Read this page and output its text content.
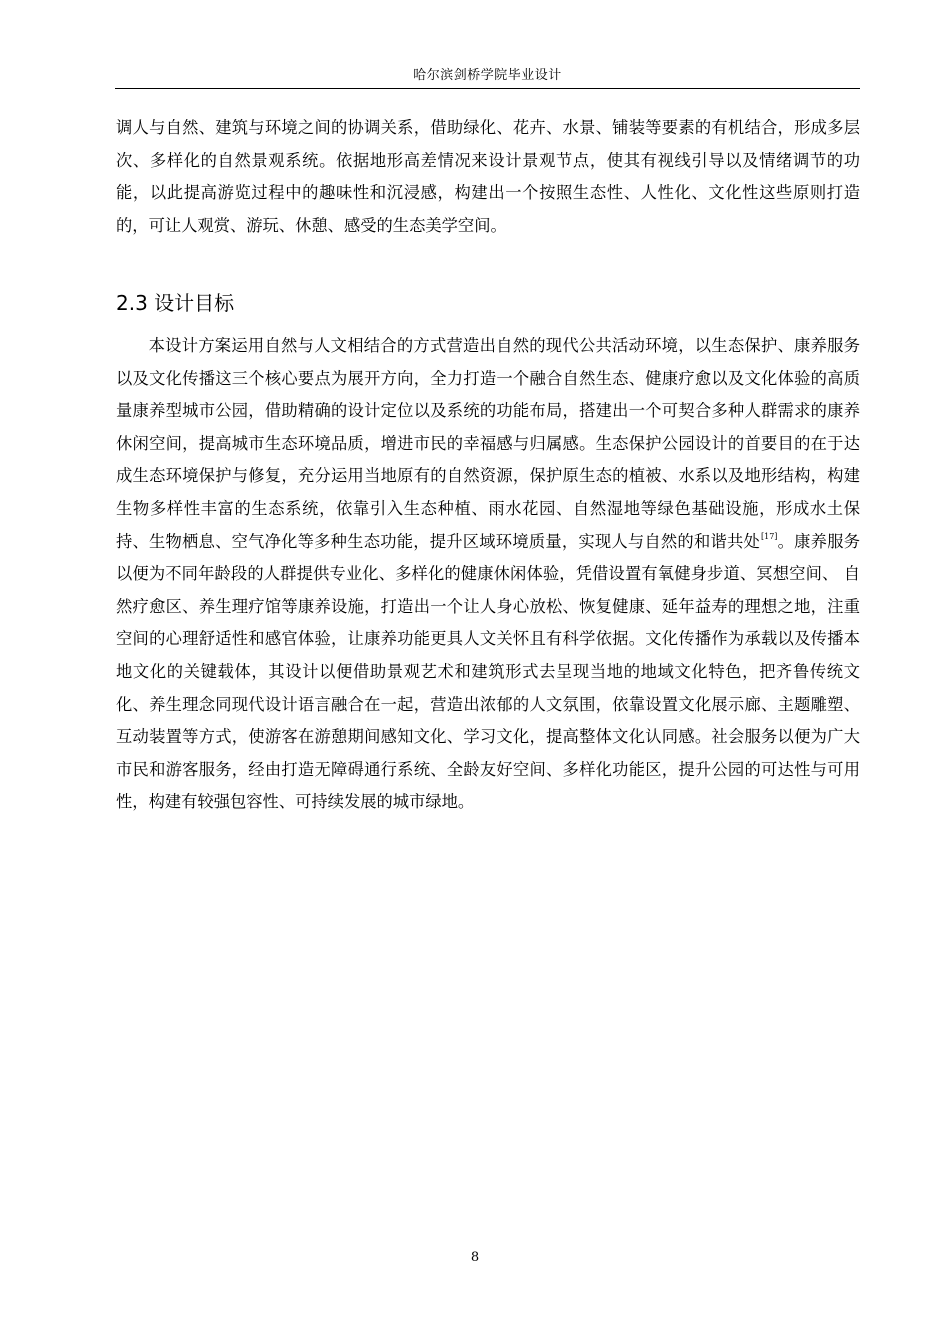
哈尔滨剑桥学院毕业设计

调人与自然、建筑与环境之间的协调关系，借助绿化、花卉、水景、铺装等要素的有机结合，形成多层次、多样化的自然景观系统。依据地形高差情况来设计景观节点，使其有视线引导以及情绪调节的功能，以此提高游览过程中的趣味性和沉浸感，构建出一个按照生态性、人性化、文化性这些原则打造的，可让人观赏、游玩、休憩、感受的生态美学空间。

2.3 设计目标

本设计方案运用自然与人文相结合的方式营造出自然的现代公共活动环境，以生态保护、康养服务以及文化传播这三个核心要点为展开方向，全力打造一个融合自然生态、健康疗愈以及文化体验的高质量康养型城市公园，借助精确的设计定位以及系统的功能布局，搭建出一个可契合多种人群需求的康养休闲空间，提高城市生态环境品质，增进市民的幸福感与归属感。生态保护公园设计的首要目的在于达成生态环境保护与修复，充分运用当地原有的自然资源，保护原生态的植被、水系以及地形结构，构建生物多样性丰富的生态系统，依靠引入生态种植、雨水花园、自然湿地等绿色基础设施，形成水土保持、生物栖息、空气净化等多种生态功能，提升区域环境质量，实现人与自然的和谐共处[17]。康养服务以便为不同年龄段的人群提供专业化、多样化的健康休闲体验，凭借设置有氧健身步道、冥想空间、 自然疗愈区、养生理疗馆等康养设施，打造出一个让人身心放松、恢复健康、延年益寿的理想之地，注重空间的心理舒适性和感官体验，让康养功能更具人文关怀且有科学依据。文化传播作为承载以及传播本地文化的关键载体，其设计以便借助景观艺术和建筑形式去呈现当地的地域文化特色，把齐鲁传统文化、养生理念同现代设计语言融合在一起，营造出浓郁的人文氛围，依靠设置文化展示廊、主题雕塑、互动装置等方式，使游客在游憩期间感知文化、学习文化，提高整体文化认同感。社会服务以便为广大市民和游客服务，经由打造无障碍通行系统、全龄友好空间、多样化功能区，提升公园的可达性与可用性，构建有较强包容性、可持续发展的城市绿地。

8
